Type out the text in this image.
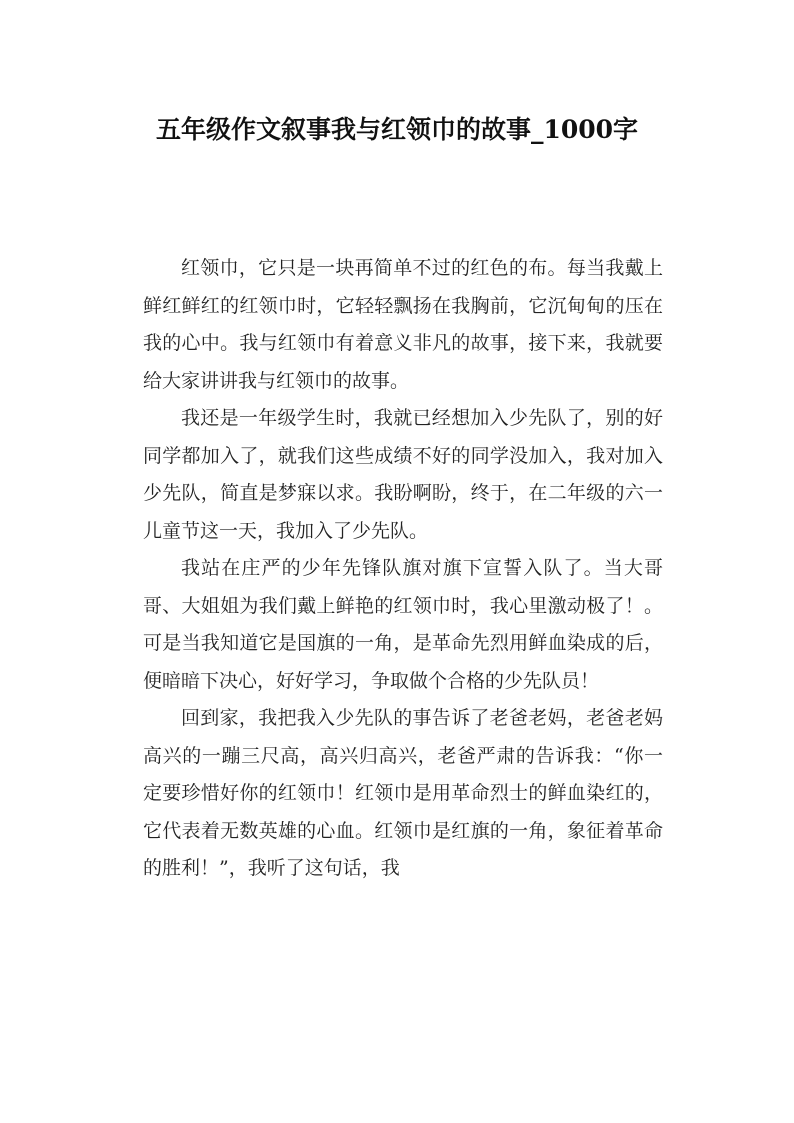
五年级作文叙事我与红领巾的故事_1000字

红领巾，它只是一块再简单不过的红色的布。每当我戴上鲜红鲜红的红领巾时，它轻轻飘扬在我胸前，它沉甸甸的压在我的心中。我与红领巾有着意义非凡的故事，接下来，我就要给大家讲讲我与红领巾的故事。

我还是一年级学生时，我就已经想加入少先队了，别的好同学都加入了，就我们这些成绩不好的同学没加入，我对加入少先队，简直是梦寐以求。我盼啊盼，终于，在二年级的六一儿童节这一天，我加入了少先队。

我站在庄严的少年先锋队旗对旗下宣誓入队了。当大哥哥、大姐姐为我们戴上鲜艳的红领巾时，我心里激动极了！。可是当我知道它是国旗的一角，是革命先烈用鲜血染成的后，便暗暗下决心，好好学习，争取做个合格的少先队员！

回到家，我把我入少先队的事告诉了老爸老妈，老爸老妈高兴的一蹦三尺高，高兴归高兴，老爸严肃的告诉我：“你一定要珍惜好你的红领巾！红领巾是用革命烈士的鲜血染红的，它代表着无数英雄的心血。红领巾是红旗的一角，象征着革命的胜利！”，我听了这句话，我
